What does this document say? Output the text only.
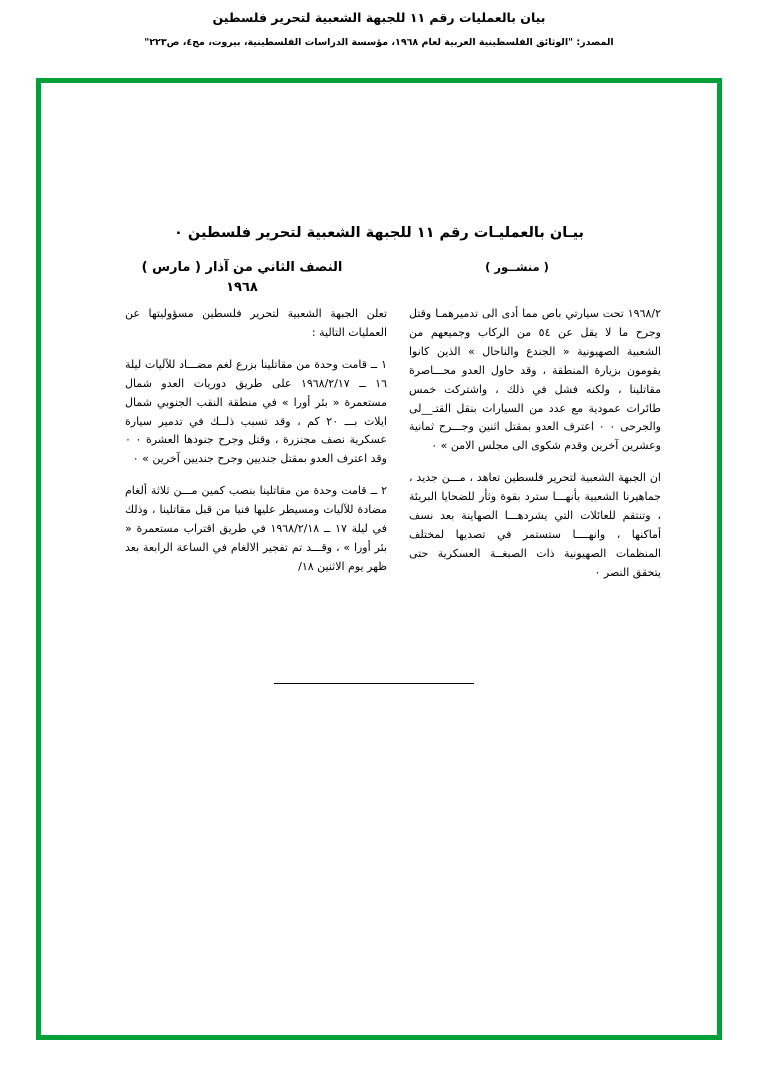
بيان بالعمليات رقم ١١ للجبهة الشعبية لتحرير فلسطين
المصدر: "الوثائق الفلسطينية العربية لعام ١٩٦٨، مؤسسة الدراسات الفلسطينية، بيروت، مج٤، ص٢٢٣"
بيـان بالعمليـات رقم ١١ للجبهة الشعبية لتحرير فلسطين ٠
النصف الثاني من آذار ( مارس )
١٩٦٨
( منشــور )

تعلن الجبهة الشعبية لتحرير فلسطين مسؤوليتها عن العمليات التالية :

١ ــ قامت وحدة من مقاتلينا بزرع لغم مضـــاد للآليات ليلة ١٦ ــ ١٩٦٨/٢/١٧ على طريق دوريات العدو شمال مستعمرة « بئر أورا » في منطقة النقب الجنوبي شمال ايلات بـــ ٢٠ كم ، وقد تسبب ذلــك في تدمير سيارة عسكرية نصف مجنزرة ، وقتل وجرح جنودها العشرة ٠ ٠ وقد اعترف العدو بمقتل جنديين وجرح جنديين آخرين » ٠

٢ ــ قامت وحدة من مقاتلينا بنصب كمين مـــن ثلاثة ألغام مضادة للآليات ومسيطر عليها فنيا من قبل مقاتلينا ، وذلك في ليلة ١٧ ــ ١٩٦٨/٢/١٨ في طريق اقتراب مستعمرة « بئر أورا » ، وقـــد تم تفجير الالغام في الساعة الرابعة بعد ظهر يوم الاثنين ١٨/

١٩٦٨/٢ تحت سيارتي باص مما أدى الى تدميرهمـا وقتل وجرح ما لا يقل عن ٥٤ من الركاب وجميعهم من الشعبية الصهيونية « الجندع والناحال » الذين كانوا يقومون بزيارة المنطقة ، وقد حاول العدو محـــاصرة مقاتلينا ، ولكنه فشل في ذلك ، واشتركت خمس طائرات عمودية مع عدد من السيارات بنقل القتـ__لى والجرحى ٠ ٠ اعترف العدو بمقتل اثنين وجـــرح ثمانية وعشرين آخرين وقدم شكوى الى مجلس الامن » ٠

ان الجبهة الشعبية لتحرير فلسطين تعاهد ، مـــن جديد ، جماهيرنا الشعبية بأنهـــا سترد بقوة وثأر للضحايا البريئة ، وتنتقم للعائلات التي يشردهـــا الصهاينة بعد نسف أماكنها ، وانهــــا ستستمر في تصديها لمختلف المنظمات الصهيونية ذات الصبغــة العسكرية حتى يتحقق النصر ٠
